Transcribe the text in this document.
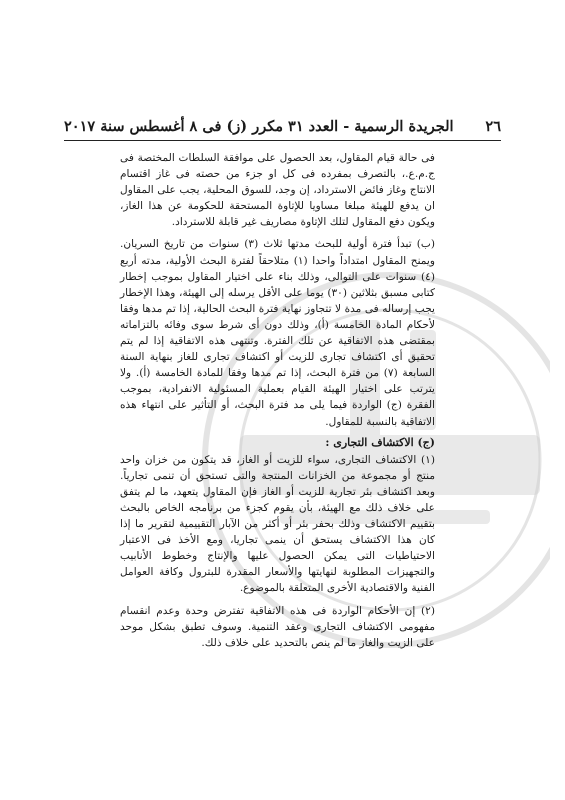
٢٦
الجريدة الرسمية - العدد ٣١ مكرر (ز) فى ٨ أغسطس سنة ٢٠١٧

فى حالة قيام المقاول، بعد الحصول على موافقة السلطات المختصة فى ج.م.ع.، بالتصرف بمفرده فى كل او جزء من حصته فى غاز اقتسام الانتاج وغاز فائض الاسترداد، إن وجد، للسوق المحلية، يجب على المقاول ان يدفع للهيئة مبلغا مساويا للإتاوة المستحقة للحكومة عن هذا الغاز، ويكون دفع المقاول لتلك الإتاوة مصاريف غير قابلة للاسترداد.

(ب) تبدأ فترة أولية للبحث مدتها ثلاث (٣) سنوات من تاريخ السريان. ويمنح المقاول امتداداً واحدا (١) متلاحقاً لفترة البحث الأولية، مدته أربع (٤) سنوات على التوالى، وذلك بناء على اختيار المقاول بموجب إخطار كتابى مسبق بثلاثين (٣٠) يوما على الأقل يرسله إلى الهيئة، وهذا الإخطار يجب إرساله فى مدة لا تتجاوز نهاية فترة البحث الحالية، إذا تم مدها وفقا لأحكام المادة الخامسة (أ)، وذلك دون أى شرط سوى وفائه بالتزاماته بمقتضى هذه الاتفاقية عن تلك الفترة. وتنتهى هذه الاتفاقية إذا لم يتم تحقيق أى اكتشاف تجارى للزيت أو اكتشاف تجارى للغاز بنهاية السنة السابعة (٧) من فترة البحث، إذا تم مدها وفقا للمادة الخامسة (أ). ولا يترتب على اختيار الهيئة القيام بعملية المسئولية الانفرادية، بموجب الفقرة (ج) الواردة فيما يلى مد فترة البحث، أو التأثير على انتهاء هذه الاتفاقية بالنسبة للمقاول.

(ج) الاكتشاف التجارى :

(١) الاكتشاف التجارى، سواء للزيت أو الغاز، قد يتكون من خزان واحد منتج أو مجموعة من الخزانات المنتجة والتى تستحق أن تنمى تجارياً. وبعد اكتشاف بئر تجارية للزيت أو الغاز فإن المقاول يتعهد، ما لم يتفق على خلاف ذلك مع الهيئة، بأن يقوم كجزء من برنامجه الخاص بالبحث بتقييم الاكتشاف وذلك بحفر بئر أو أكثر من الآبار التقييمية لتقرير ما إذا كان هذا الاكتشاف يستحق أن ينمى تجاريا، ومع الأخذ فى الاعتبار الاحتياطيات التى يمكن الحصول عليها والإنتاج وخطوط الأنابيب والتجهيزات المطلوبة لنهايتها والأسعار المقدرة للبترول وكافة العوامل الفنية والاقتصادية الأخرى المتعلقة بالموضوع.

(٢) إن الأحكام الواردة فى هذه الاتفاقية تفترض وحدة وعدم انقسام مفهومى الاكتشاف التجارى وعقد التنمية. وسوف تطبق بشكل موحد على الزيت والغاز ما لم ينص بالتحديد على خلاف ذلك.
